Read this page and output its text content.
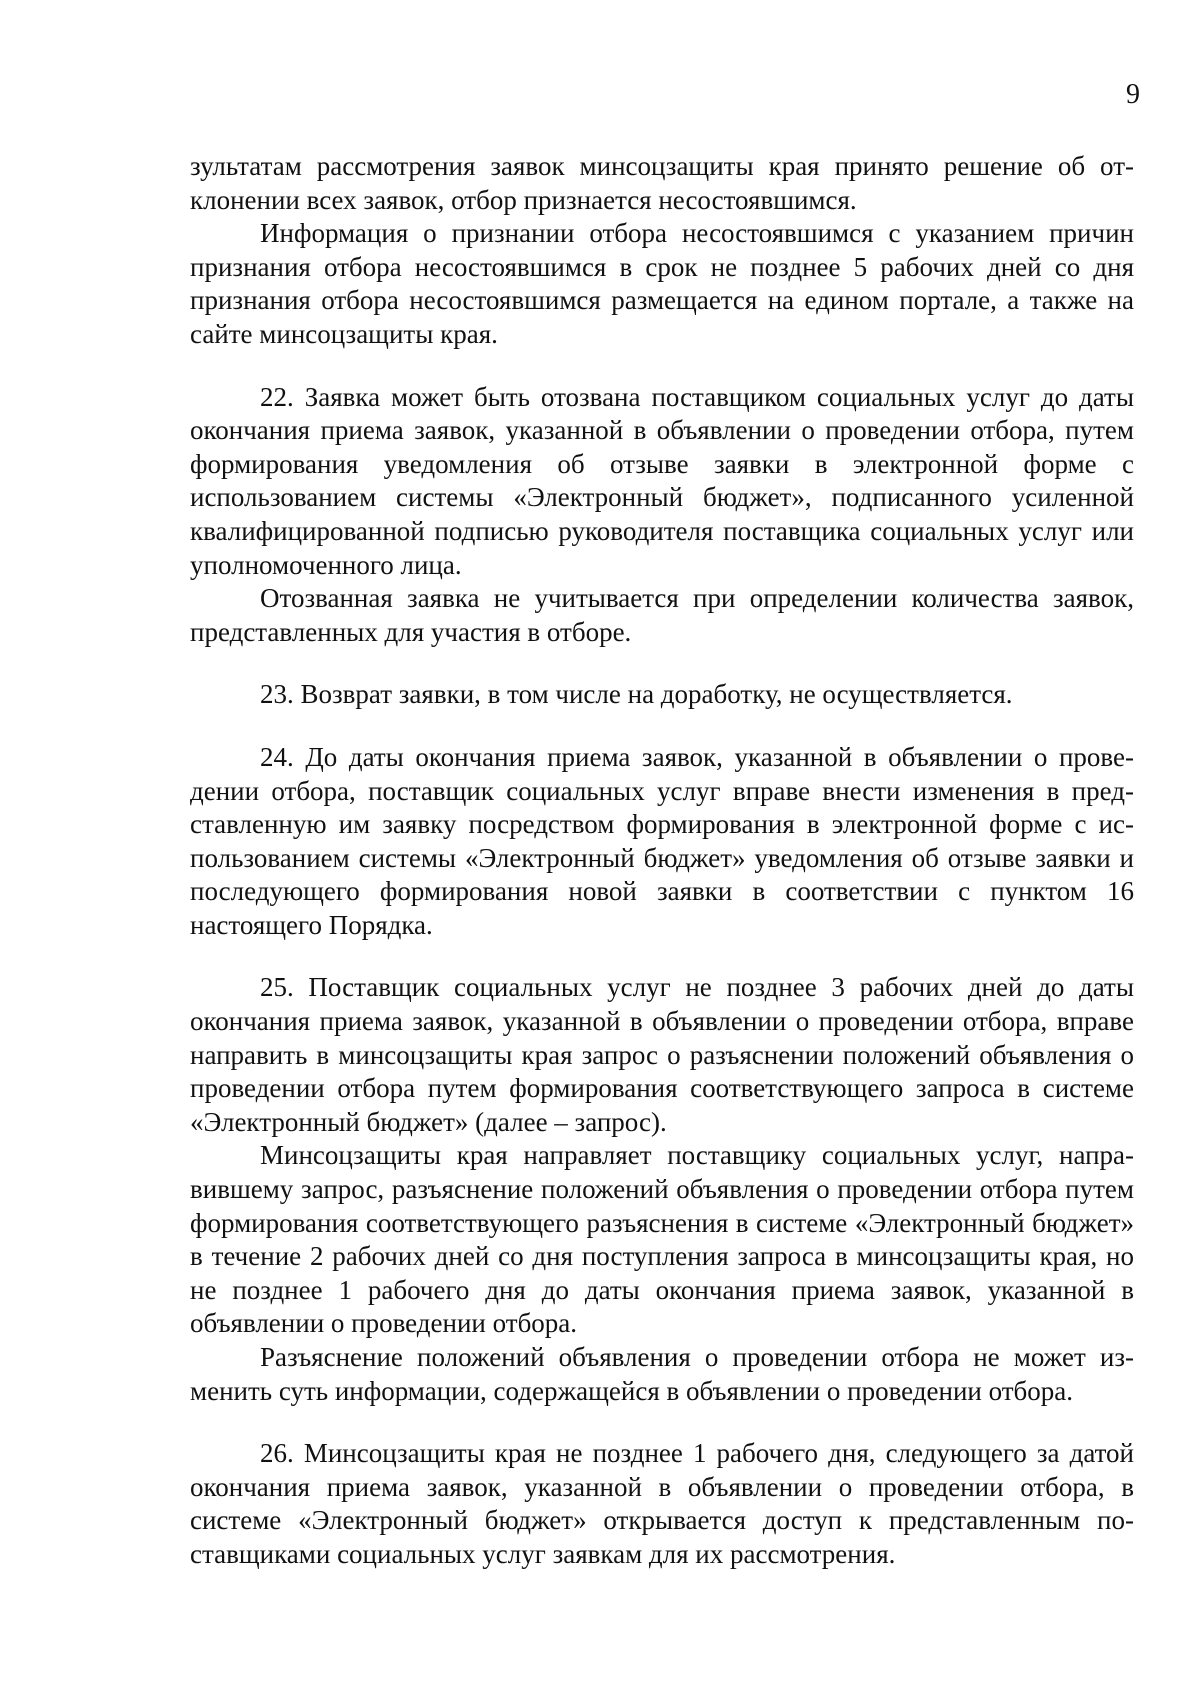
9

зультатам рассмотрения заявок минсоцзащиты края принято решение об отклонении всех заявок, отбор признается несостоявшимся.

Информация о признании отбора несостоявшимся с указанием причин признания отбора несостоявшимся в срок не позднее 5 рабочих дней со дня признания отбора несостоявшимся размещается на едином портале, а также на сайте минсоцзащиты края.

22. Заявка может быть отозвана поставщиком социальных услуг до даты окончания приема заявок, указанной в объявлении о проведении отбора, путем формирования уведомления об отзыве заявки в электронной форме с использованием системы «Электронный бюджет», подписанного усиленной квалифицированной подписью руководителя поставщика социальных услуг или уполномоченного лица.

Отозванная заявка не учитывается при определении количества заявок, представленных для участия в отборе.

23. Возврат заявки, в том числе на доработку, не осуществляется.

24. До даты окончания приема заявок, указанной в объявлении о проведении отбора, поставщик социальных услуг вправе внести изменения в представленную им заявку посредством формирования в электронной форме с использованием системы «Электронный бюджет» уведомления об отзыве заявки и последующего формирования новой заявки в соответствии с пунктом 16 настоящего Порядка.

25. Поставщик социальных услуг не позднее 3 рабочих дней до даты окончания приема заявок, указанной в объявлении о проведении отбора, вправе направить в минсоцзащиты края запрос о разъяснении положений объявления о проведении отбора путем формирования соответствующего запроса в системе «Электронный бюджет» (далее – запрос).

Минсоцзащиты края направляет поставщику социальных услуг, направившему запрос, разъяснение положений объявления о проведении отбора путем формирования соответствующего разъяснения в системе «Электронный бюджет» в течение 2 рабочих дней со дня поступления запроса в минсоцзащиты края, но не позднее 1 рабочего дня до даты окончания приема заявок, указанной в объявлении о проведении отбора.

Разъяснение положений объявления о проведении отбора не может изменить суть информации, содержащейся в объявлении о проведении отбора.

26. Минсоцзащиты края не позднее 1 рабочего дня, следующего за датой окончания приема заявок, указанной в объявлении о проведении отбора, в системе «Электронный бюджет» открывается доступ к представленным поставщиками социальных услуг заявкам для их рассмотрения.
